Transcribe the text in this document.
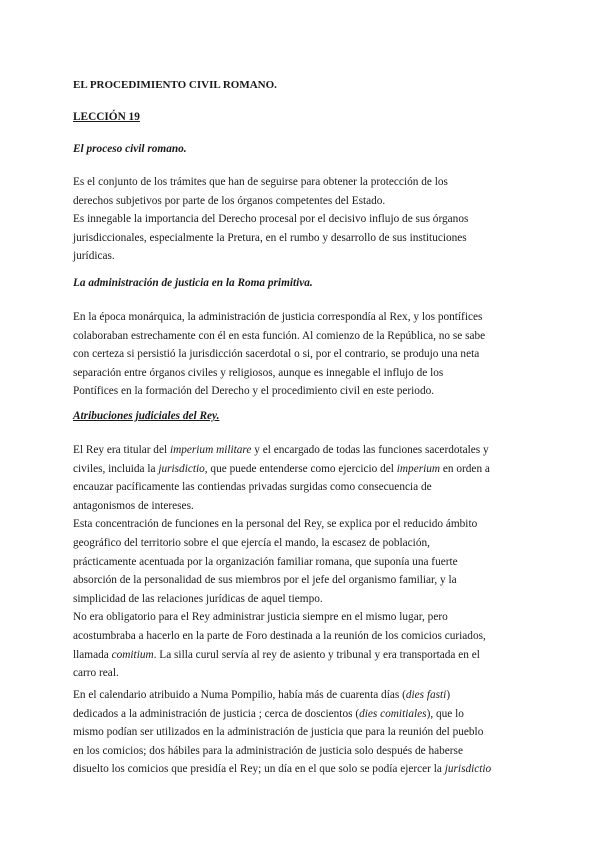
EL PROCEDIMIENTO CIVIL ROMANO.
LECCIÓN 19
El proceso civil romano.
Es el conjunto de los trámites que han de seguirse para obtener la protección de los
derechos subjetivos por parte de los órganos competentes del Estado.
Es innegable la importancia del Derecho procesal por el decisivo influjo de sus órganos
jurisdiccionales, especialmente la Pretura, en el rumbo y desarrollo de sus instituciones
jurídicas.
La administración de justicia en la Roma primitiva.
En la época monárquica, la administración de justicia correspondía al Rex, y los pontífices
colaboraban estrechamente con él en esta función. Al comienzo de la República, no se sabe
con certeza si persistió la jurisdicción sacerdotal o si, por el contrario, se produjo una neta
separación entre órganos civiles y religiosos, aunque es innegable el influjo de los
Pontífices en la formación del Derecho y el procedimiento civil en este periodo.
Atribuciones judiciales del Rey.
El Rey era titular del imperium militare y el encargado de todas las funciones sacerdotales y
civiles, incluida la jurisdictio, que puede entenderse como ejercicio del imperium en orden a
encauzar pacíficamente las contiendas privadas surgidas como consecuencia de
antagonismos de intereses.
Esta concentración de funciones en la personal del Rey, se explica por el reducido ámbito
geográfico del territorio sobre el que ejercía el mando, la escasez de población,
prácticamente acentuada por la organización familiar romana, que suponía una fuerte
absorción de la personalidad de sus miembros por el jefe del organismo familiar, y la
simplicidad de las relaciones jurídicas de aquel tiempo.
No era obligatorio para el Rey administrar justicia siempre en el mismo lugar, pero
acostumbraba a hacerlo en la parte de Foro destinada a la reunión de los comicios curiados,
llamada comitium. La silla curul servía al rey de asiento y tribunal y era transportada en el
carro real.
En el calendario atribuido a Numa Pompilio, había más de cuarenta días (dies fasti)
dedicados a la administración de justicia ; cerca de doscientos (dies comitiales), que lo
mismo podían ser utilizados en la administración de justicia que para la reunión del pueblo
en los comicios; dos hábiles para la administración de justicia solo después de haberse
disuelto los comicios que presidía el Rey; un día en el que solo se podía ejercer la jurisdictio
